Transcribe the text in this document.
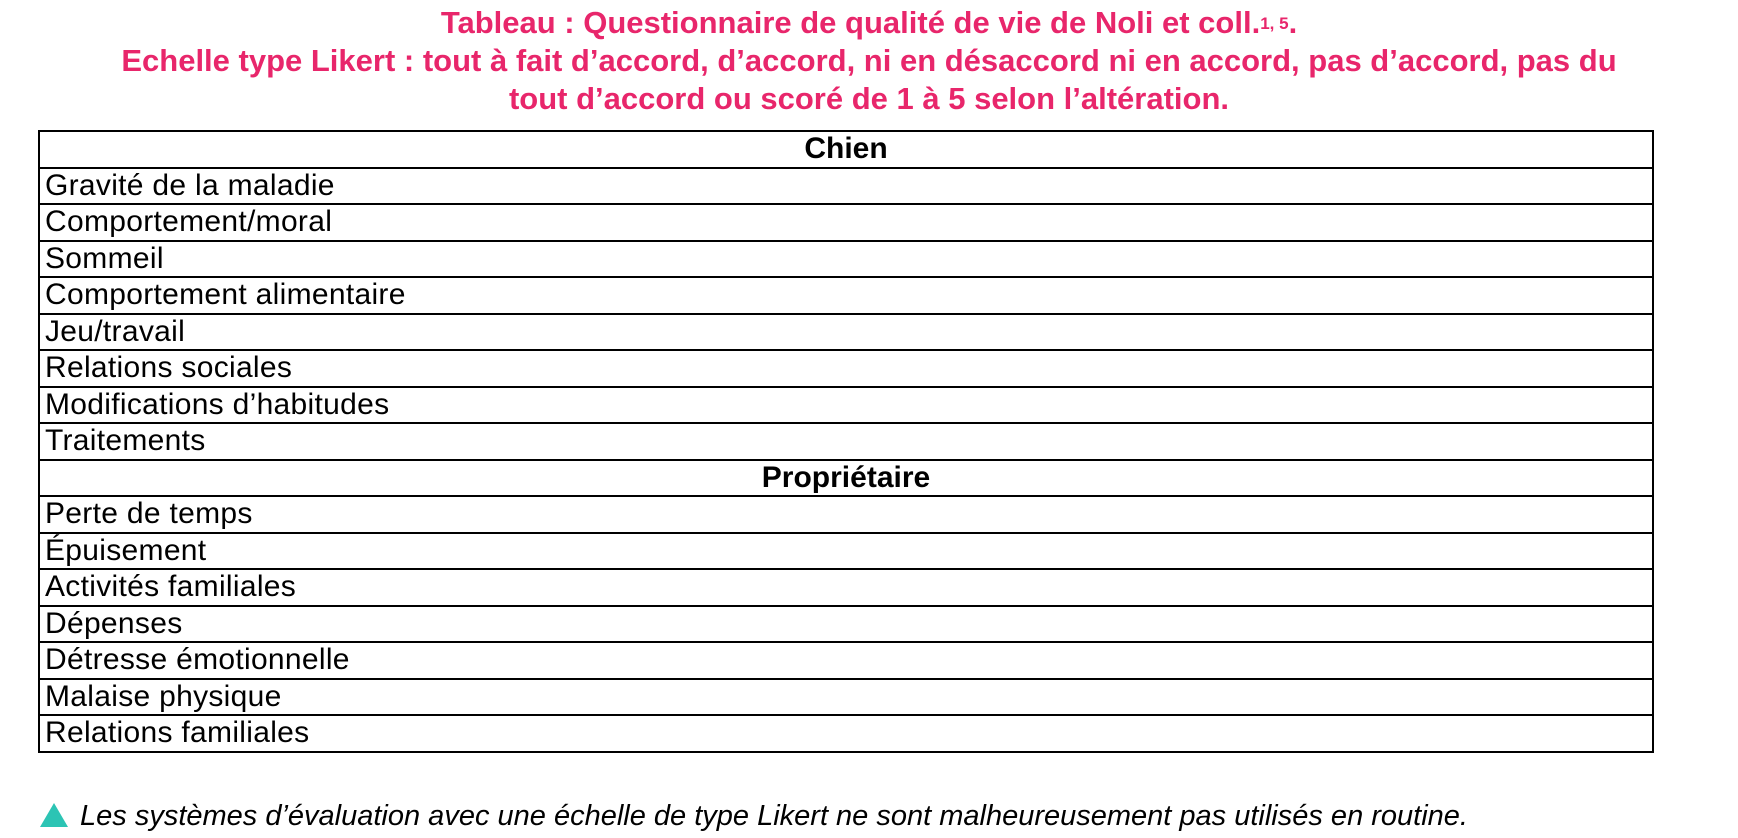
Tableau : Questionnaire de qualité de vie de Noli et coll.$^{1, 5}$.
Echelle type Likert : tout à fait d’accord, d’accord, ni en désaccord ni en accord, pas d’accord, pas du
tout d’accord ou scoré de 1 à 5 selon l’altération.
Chien
Gravité de la maladie
Comportement/moral
Sommeil
Comportement alimentaire
Jeu/travail
Relations sociales
Modifications d’habitudes
Traitements
Propriétaire
Perte de temps
Épuisement
Activités familiales
Dépenses
Détresse émotionnelle
Malaise physique
Relations familiales
Les systèmes d’évaluation avec une échelle de type Likert ne sont malheureusement pas utilisés en routine.
